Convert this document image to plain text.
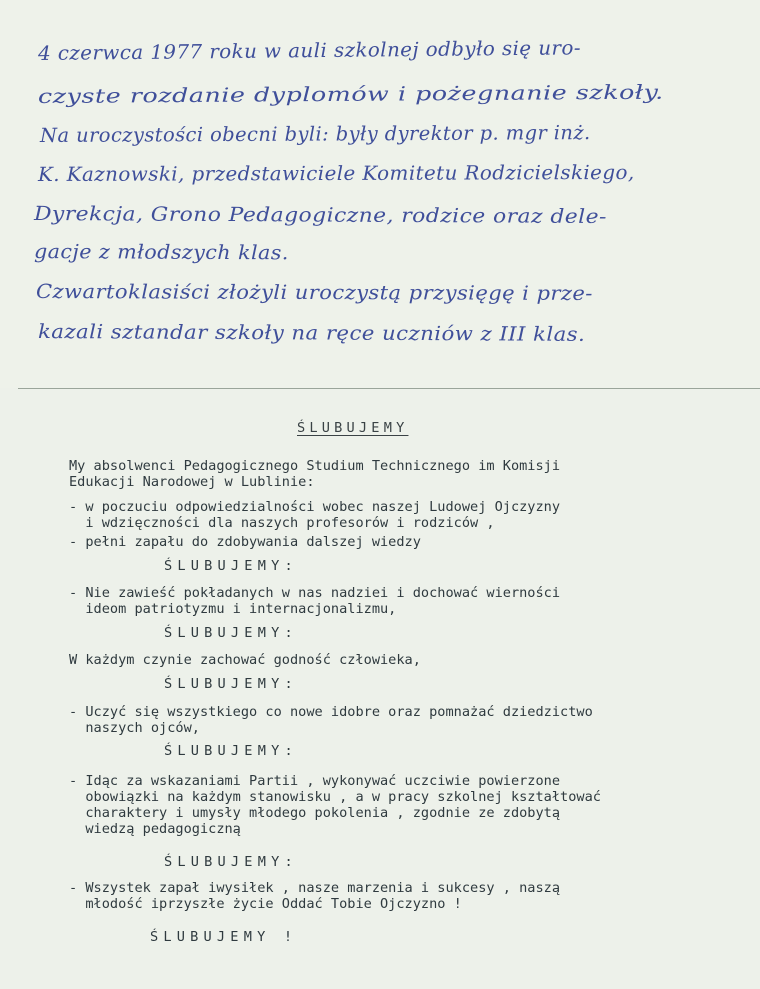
4 czerwca 1977 roku w auli szkolnej odbyło się uro-
czyste rozdanie dyplomów i pożegnanie szkoły.
Na uroczystości obecni byli: były dyrektor p. mgr inż.
K. Kaznowski, przedstawiciele Komitetu Rodzicielskiego,
Dyrekcja, Grono Pedagogiczne, rodzice oraz dele-
gacje z młodszych klas.
Czwartoklasiści złożyli uroczystą przysięgę i prze-
kazali sztandar szkoły na ręce uczniów z III klas.
ŚLUBUJEMY
My absolwenci Pedagogicznego Studium Technicznego im Komisji
Edukacji Narodowej w Lublinie:
- w poczuciu odpowiedzialności wobec naszej Ludowej Ojczyzny
i wdzięczności dla naszych profesorów i rodziców ,
- pełni zapału do zdobywania dalszej wiedzy
ŚLUBUJEMY:
- Nie zawieść pokładanych w nas nadziei i dochować wierności
ideom patriotyzmu i internacjonalizmu,
ŚLUBUJEMY:
W każdym czynie zachować godność człowieka,
ŚLUBUJEMY:
- Uczyć się wszystkiego co nowe idobre oraz pomnażać dziedzictwo
naszych ojców,
ŚLUBUJEMY:
- Idąc za wskazaniami Partii , wykonywać uczciwie powierzone
obowiązki na każdym stanowisku , a w pracy szkolnej kształtować
charaktery i umysły młodego pokolenia , zgodnie ze zdobytą
wiedzą pedagogiczną
ŚLUBUJEMY:
- Wszystek zapał iwysiłek , nasze marzenia i sukcesy , naszą
młodość iprzyszłe życie Oddać Tobie Ojczyzno !
ŚLUBUJEMY !
